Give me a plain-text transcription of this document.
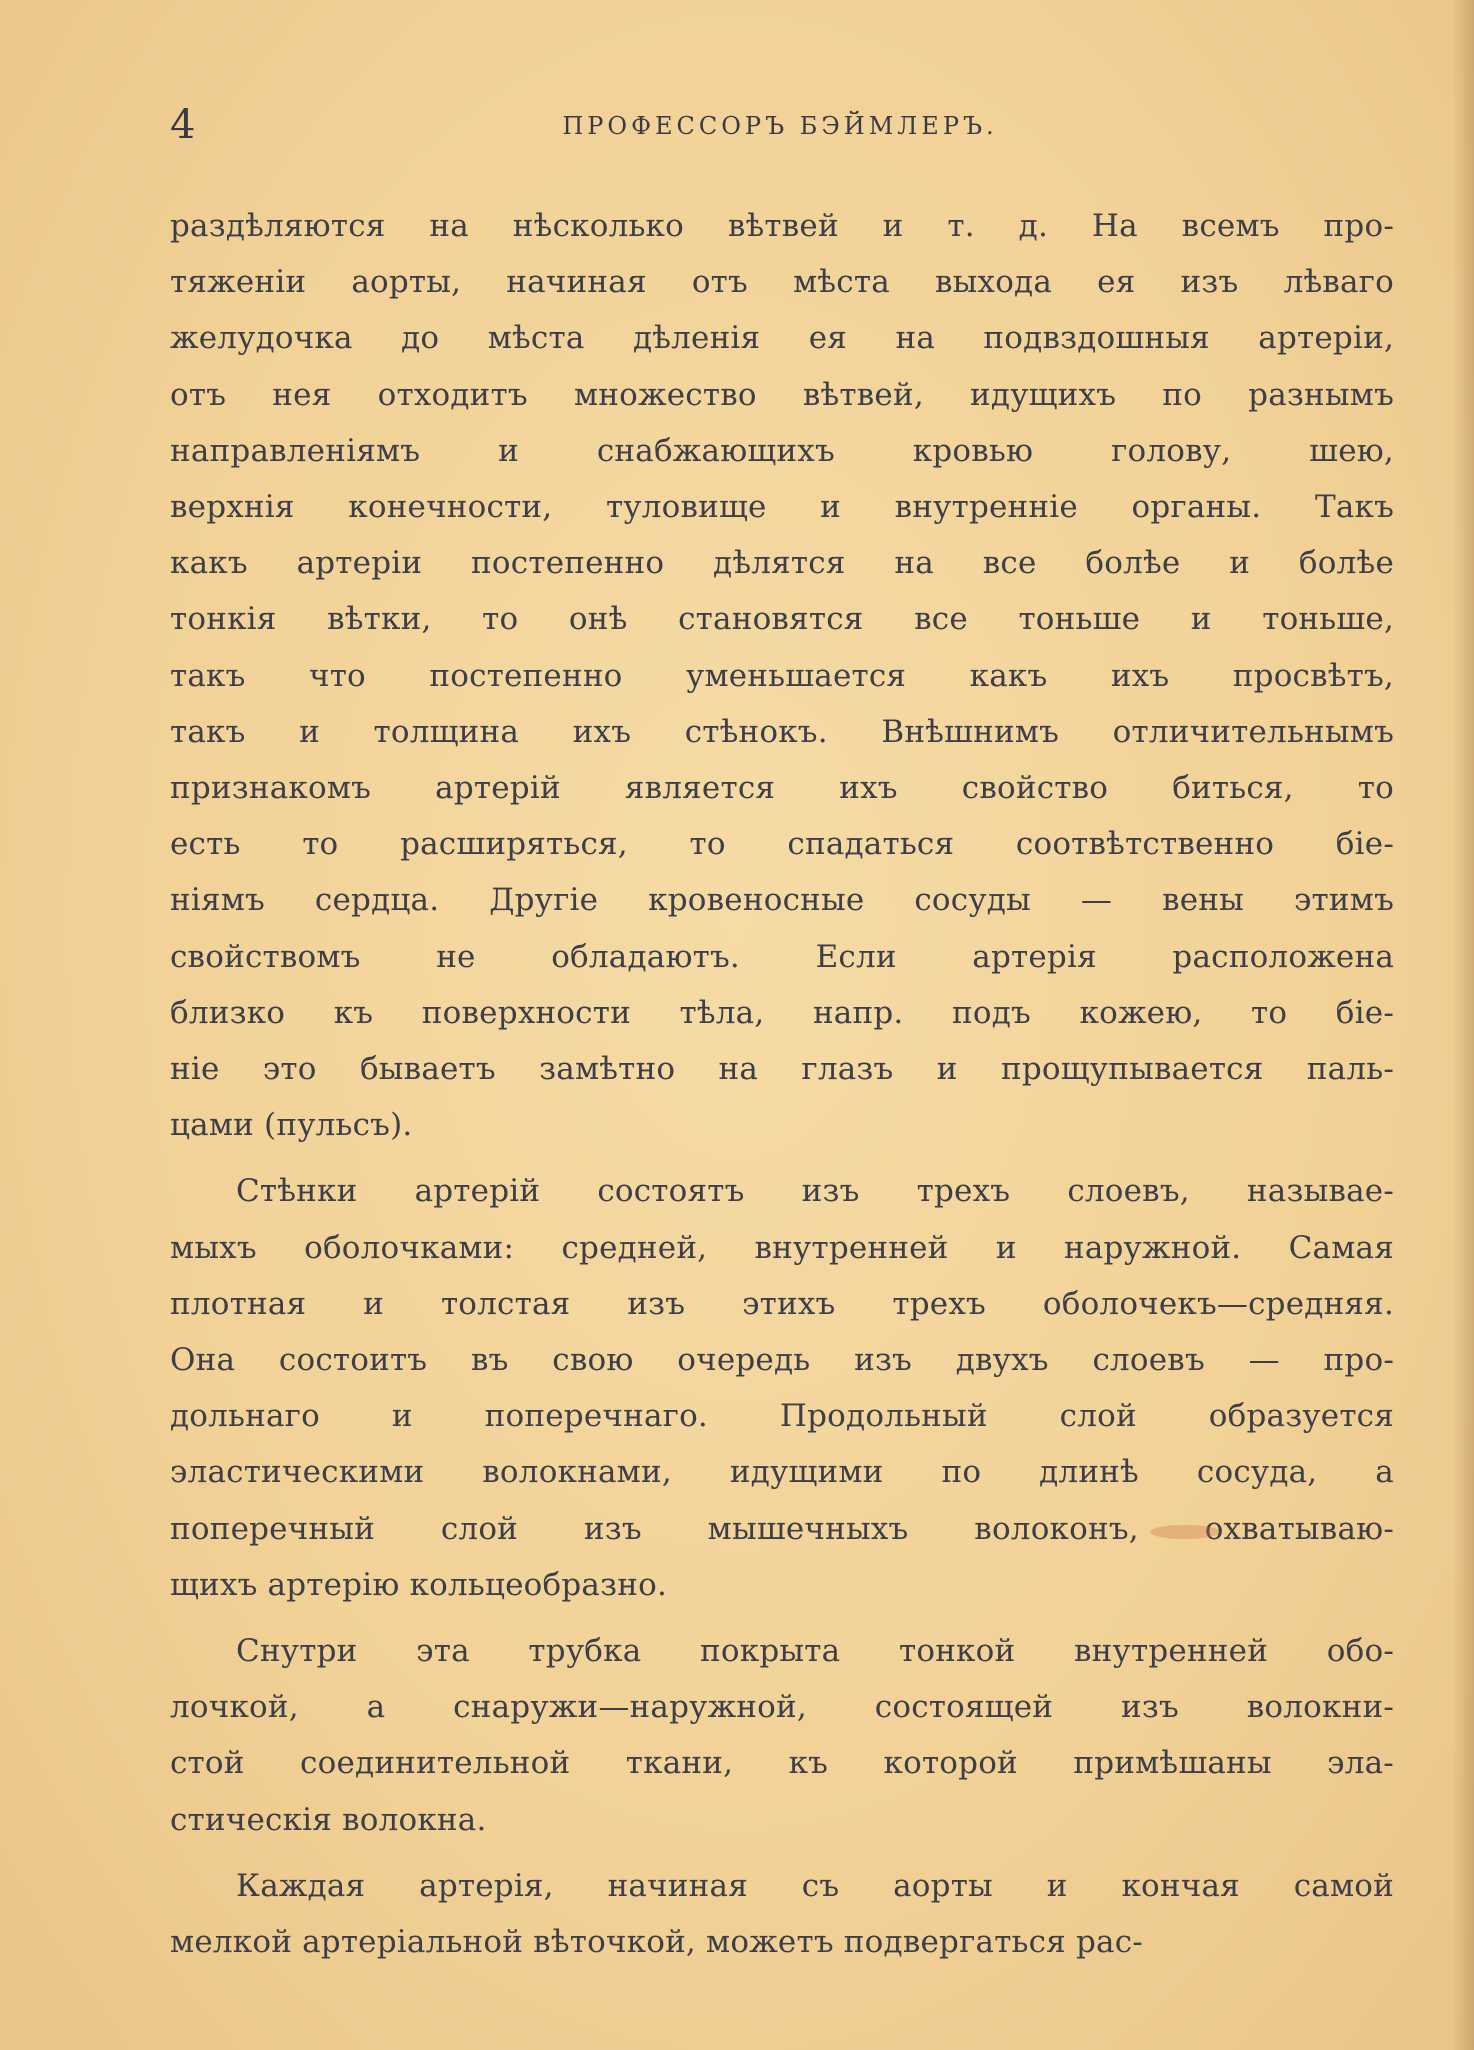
4	ПРОФЕССОРЪ БЭЙМЛЕРЪ.
раздѣляются на нѣсколько вѣтвей и т. д. На всемъ про-
тяженіи аорты, начиная отъ мѣста выхода ея изъ лѣваго
желудочка до мѣста дѣленія ея на подвздошныя артеріи,
отъ нея отходитъ множество вѣтвей, идущихъ по разнымъ
направленіямъ и снабжающихъ кровью голову, шею,
верхнія конечности, туловище и внутренніе органы. Такъ
какъ артеріи постепенно дѣлятся на все болѣе и болѣе
тонкія вѣтки, то онѣ становятся все тоньше и тоньше,
такъ что постепенно уменьшается какъ ихъ просвѣтъ,
такъ и толщина ихъ стѣнокъ. Внѣшнимъ отличительнымъ
признакомъ артерій является ихъ свойство биться, то
есть то расширяться, то спадаться соотвѣтственно біе-
ніямъ сердца. Другіе кровеносные сосуды — вены этимъ
свойствомъ не обладаютъ. Если артерія расположена
близко къ поверхности тѣла, напр. подъ кожею, то біе-
ніе это бываетъ замѣтно на глазъ и прощупывается паль-
цами (пульсъ).
Стѣнки артерій состоятъ изъ трехъ слоевъ, называе-
мыхъ оболочками: средней, внутренней и наружной. Самая
плотная и толстая изъ этихъ трехъ оболочекъ—средняя.
Она состоитъ въ свою очередь изъ двухъ слоевъ — про-
дольнаго и поперечнаго. Продольный слой образуется
эластическими волокнами, идущими по длинѣ сосуда, а
поперечный слой изъ мышечныхъ волоконъ, охватываю-
щихъ артерію кольцеобразно.
Снутри эта трубка покрыта тонкой внутренней обо-
лочкой, а снаружи—наружной, состоящей изъ волокни-
стой соединительной ткани, къ которой примѣшаны эла-
стическія волокна.
Каждая артерія, начиная съ аорты и кончая самой
мелкой артеріальной вѣточкой, можетъ подвергаться рас-
